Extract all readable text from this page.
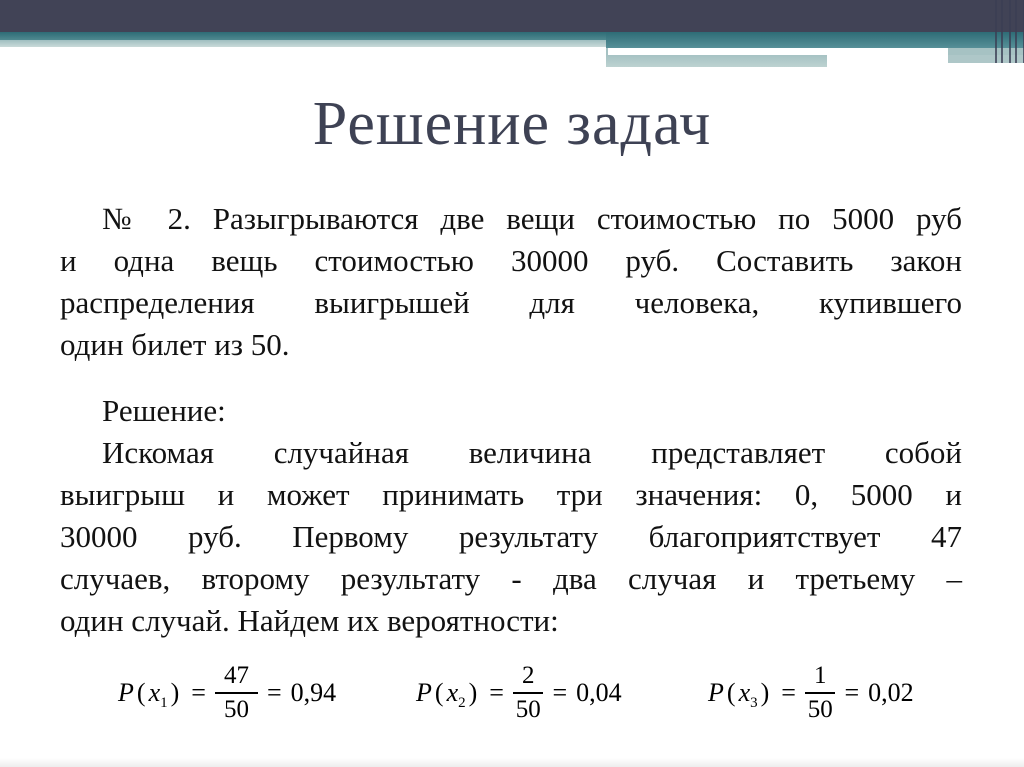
Решение задач
№ 2. Разыгрываются две вещи стоимостью по 5000 руб
и одна вещь стоимостью 30000 руб. Составить закон
распределения выигрышей для человека, купившего
один билет из 50.
Решение:
Искомая случайная величина представляет собой
выигрыш и может принимать три значения: 0, 5000 и
30000 руб. Первому результату благоприятствует 47
случаев, второму результату - два случая и третьему –
один случай. Найдем их вероятности:
P ( $x_1$ ) = $\frac{47}{50} = 0,94$	P ( $x_2$ ) = $\frac{2}{50} = 0,04$	P ( $x_3$ ) = $\frac{1}{50} = 0,02$
